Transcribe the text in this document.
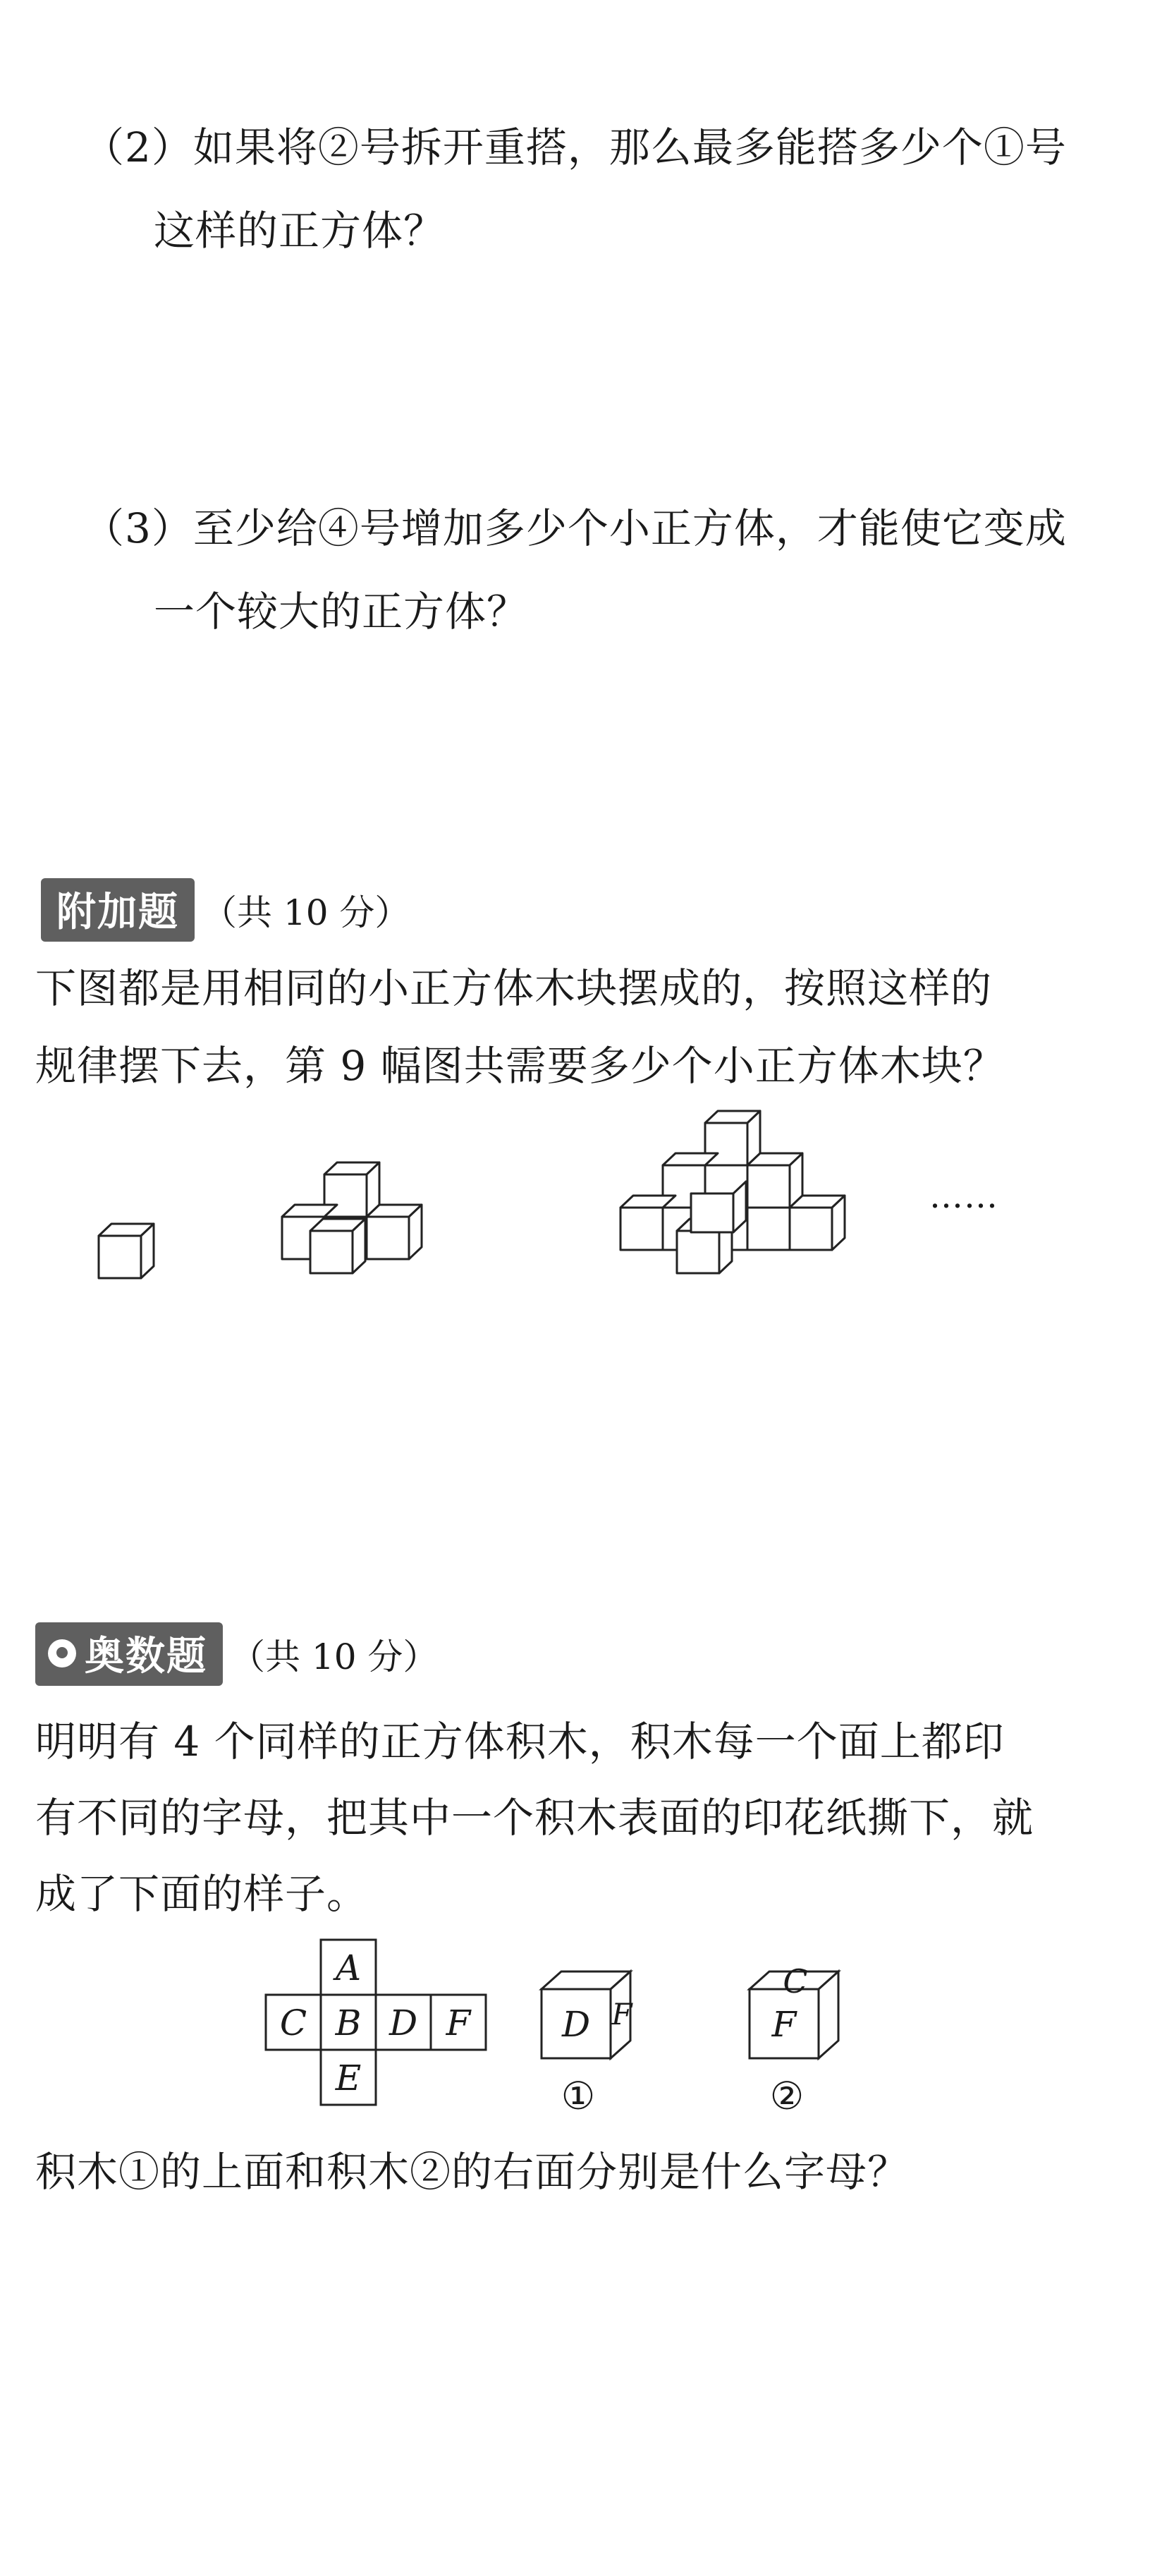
（2）如果将②号拆开重搭，那么最多能搭多少个①号
这样的正方体？
（3）至少给④号增加多少个小正方体，才能使它变成
一个较大的正方体？
附加题 （共 10 分）
下图都是用相同的小正方体木块摆成的，按照这样的
规律摆下去，第 9 幅图共需要多少个小正方体木块？
……
奥数题 （共 10 分）
明明有 4 个同样的正方体积木，积木每一个面上都印
有不同的字母，把其中一个积木表面的印花纸撕下，就
成了下面的样子。
A
C B D F
E
D F
C
F
①	②
积木①的上面和积木②的右面分别是什么字母？
